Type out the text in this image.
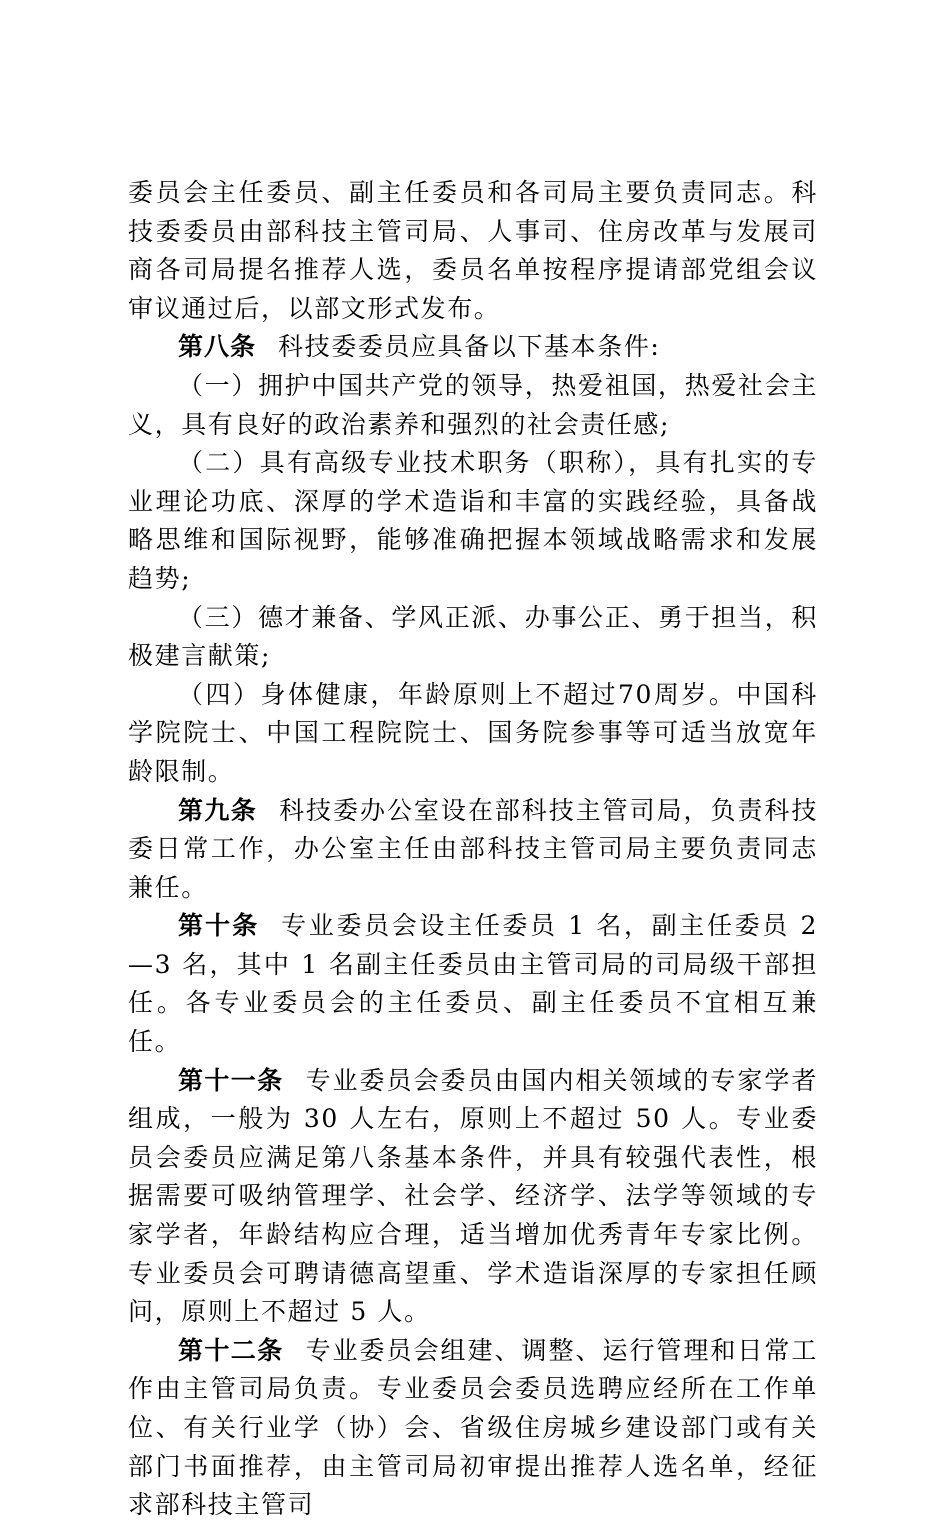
委员会主任委员、副主任委员和各司局主要负责同志。科技委委员由部科技主管司局、人事司、住房改革与发展司商各司局提名推荐人选，委员名单按程序提请部党组会议审议通过后，以部文形式发布。

第八条 科技委委员应具备以下基本条件:

（一）拥护中国共产党的领导，热爱祖国，热爱社会主义，具有良好的政治素养和强烈的社会责任感;

（二）具有高级专业技术职务（职称），具有扎实的专业理论功底、深厚的学术造诣和丰富的实践经验，具备战略思维和国际视野，能够准确把握本领域战略需求和发展趋势;

（三）德才兼备、学风正派、办事公正、勇于担当，积极建言献策;

（四）身体健康，年龄原则上不超过70周岁。中国科学院院士、中国工程院院士、国务院参事等可适当放宽年龄限制。

第九条 科技委办公室设在部科技主管司局，负责科技委日常工作，办公室主任由部科技主管司局主要负责同志兼任。

第十条 专业委员会设主任委员 1 名，副主任委员 2—3 名，其中 1 名副主任委员由主管司局的司局级干部担任。各专业委员会的主任委员、副主任委员不宜相互兼任。

第十一条 专业委员会委员由国内相关领域的专家学者组成，一般为 30 人左右，原则上不超过 50 人。专业委员会委员应满足第八条基本条件，并具有较强代表性，根据需要可吸纳管理学、社会学、经济学、法学等领域的专家学者，年龄结构应合理，适当增加优秀青年专家比例。专业委员会可聘请德高望重、学术造诣深厚的专家担任顾问，原则上不超过 5 人。

第十二条 专业委员会组建、调整、运行管理和日常工作由主管司局负责。专业委员会委员选聘应经所在工作单位、有关行业学（协）会、省级住房城乡建设部门或有关部门书面推荐，由主管司局初审提出推荐人选名单，经征求部科技主管司
